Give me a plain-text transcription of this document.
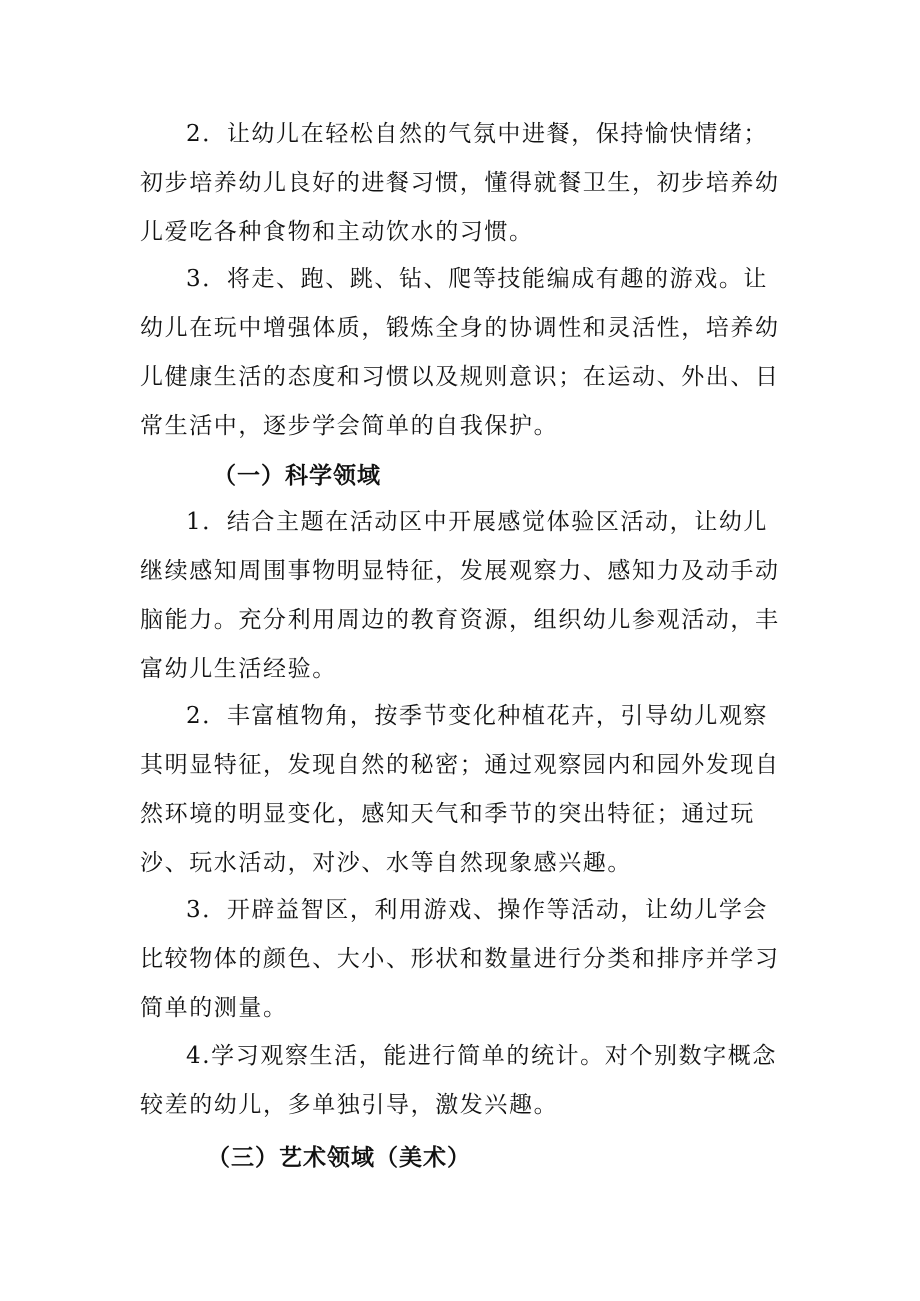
2．让幼儿在轻松自然的气氛中进餐，保持愉快情绪；初步培养幼儿良好的进餐习惯，懂得就餐卫生，初步培养幼儿爱吃各种食物和主动饮水的习惯。

3．将走、跑、跳、钻、爬等技能编成有趣的游戏。让幼儿在玩中增强体质，锻炼全身的协调性和灵活性，培养幼儿健康生活的态度和习惯以及规则意识；在运动、外出、日常生活中，逐步学会简单的自我保护。

（一）科学领域

1．结合主题在活动区中开展感觉体验区活动，让幼儿继续感知周围事物明显特征，发展观察力、感知力及动手动脑能力。充分利用周边的教育资源，组织幼儿参观活动，丰富幼儿生活经验。

2．丰富植物角，按季节变化种植花卉，引导幼儿观察其明显特征，发现自然的秘密；通过观察园内和园外发现自然环境的明显变化，感知天气和季节的突出特征；通过玩沙、玩水活动，对沙、水等自然现象感兴趣。

3．开辟益智区，利用游戏、操作等活动，让幼儿学会比较物体的颜色、大小、形状和数量进行分类和排序并学习简单的测量。

4.学习观察生活，能进行简单的统计。对个别数字概念较差的幼儿，多单独引导，激发兴趣。

（三）艺术领域（美术）
